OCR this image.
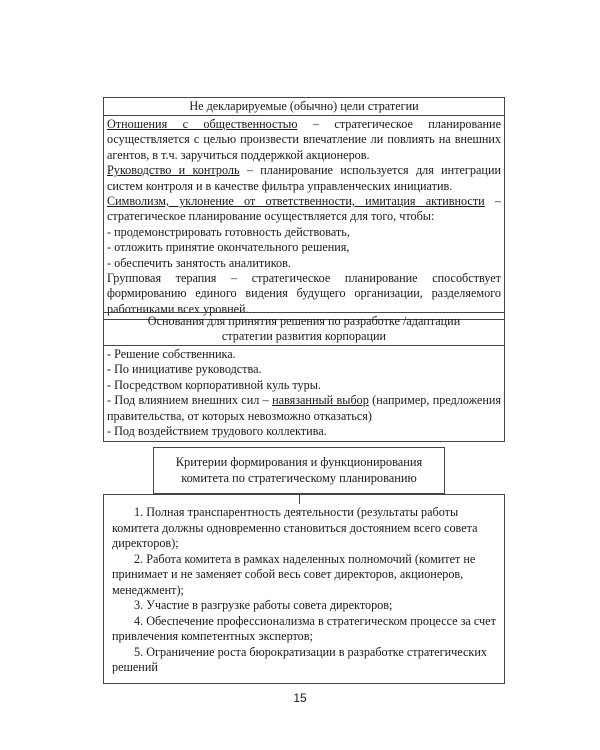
Не декларируемые (обычно) цели стратегии

Отношения с общественностью – стратегическое планирование осуществляется с целью произвести впечатление ли повлиять на внешних агентов, в т.ч. заручиться поддержкой акционеров.

Руководство и контроль – планирование используется для интеграции систем контроля и в качестве фильтра управленческих инициатив.

Символизм, уклонение от ответственности, имитация активности – стратегическое планирование осуществляется для того, чтобы:

- продемонстрировать готовность действовать,

- отложить принятие окончательного решения,

- обеспечить занятость аналитиков.

Групповая терапия – стратегическое планирование способствует формированию единого видения будущего организации, разделяемого работниками всех уровней.

Основания для принятия решения по разработке /адаптации
стратегии развития корпорации

- Решение собственника.

- По инициативе руководства.

- Посредством корпоративной куль туры.

- Под влиянием внешних сил – навязанный выбор (например, предложения правительства, от которых невозможно отказаться)

- Под воздействием трудового коллектива.

Критерии формирования и функционирования
комитета по стратегическому планированию

1. Полная транспарентность деятельности (результаты работы комитета должны одновременно становиться достоянием всего совета директоров);

2. Работа комитета в рамках наделенных полномочий (комитет не принимает и не заменяет собой весь совет директоров, акционеров, менеджмент);

3. Участие в разгрузке работы совета директоров;

4. Обеспечение профессионализма в стратегическом процессе за счет привлечения компетентных экспертов;

5. Ограничение роста бюрократизации в разработке стратегических решений

15
